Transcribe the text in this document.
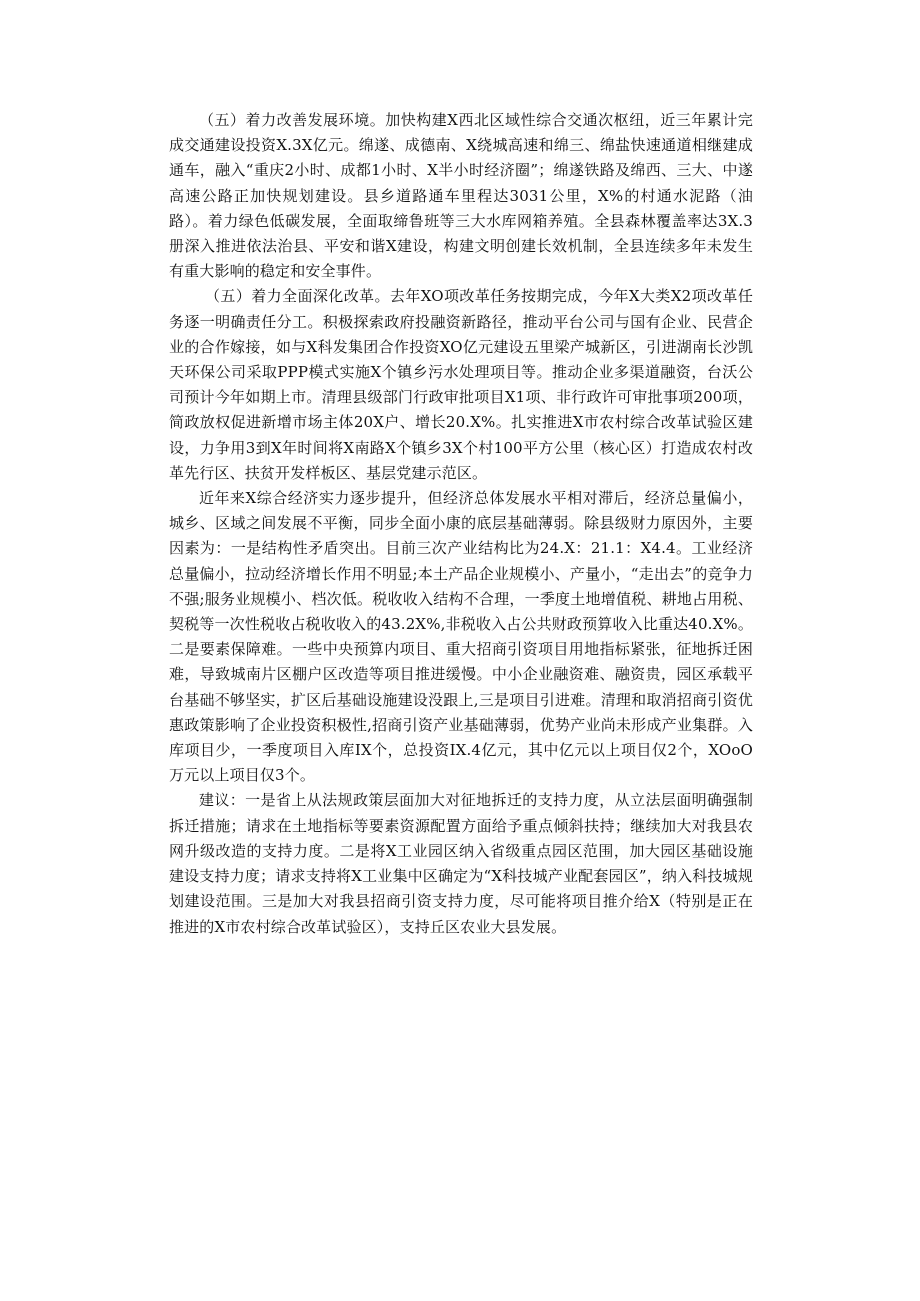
（五）着力改善发展环境。加快构建X西北区域性综合交通次枢纽，近三年累计完成交通建设投资X.3X亿元。绵遂、成德南、X绕城高速和绵三、绵盐快速通道相继建成通车，融入“重庆2小时、成都1小时、X半小时经济圈”；绵遂铁路及绵西、三大、中遂高速公路正加快规划建设。县乡道路通车里程达3031公里，X%的村通水泥路（油路）。着力绿色低碳发展，全面取缔鲁班等三大水库网箱养殖。全县森林覆盖率达3X.3册深入推进依法治县、平安和谐X建设，构建文明创建长效机制，全县连续多年未发生有重大影响的稳定和安全事件。

（五）着力全面深化改革。去年XO项改革任务按期完成，今年X大类X2项改革任务逐一明确责任分工。积极探索政府投融资新路径，推动平台公司与国有企业、民营企业的合作嫁接，如与X科发集团合作投资XO亿元建设五里梁产城新区，引进湖南长沙凯天环保公司采取PPP模式实施X个镇乡污水处理项目等。推动企业多渠道融资，台沃公司预计今年如期上市。清理县级部门行政审批项目X1项、非行政许可审批事项200项，简政放权促进新增市场主体20X户、增长20.X%。扎实推进X市农村综合改革试验区建设，力争用3到X年时间将X南路X个镇乡3X个村100平方公里（核心区）打造成农村改革先行区、扶贫开发样板区、基层党建示范区。

近年来X综合经济实力逐步提升，但经济总体发展水平相对滞后，经济总量偏小，城乡、区域之间发展不平衡，同步全面小康的底层基础薄弱。除县级财力原因外，主要因素为：一是结构性矛盾突出。目前三次产业结构比为24.X：21.1：X4.4。工业经济总量偏小，拉动经济增长作用不明显;本土产品企业规模小、产量小，“走出去”的竞争力不强;服务业规模小、档次低。税收收入结构不合理，一季度土地增值税、耕地占用税、契税等一次性税收占税收收入的43.2X%,非税收入占公共财政预算收入比重达40.X%。二是要素保障难。一些中央预算内项目、重大招商引资项目用地指标紧张，征地拆迁困难，导致城南片区棚户区改造等项目推进缓慢。中小企业融资难、融资贵，园区承载平台基础不够坚实，扩区后基础设施建设没跟上,三是项目引进难。清理和取消招商引资优惠政策影响了企业投资积极性,招商引资产业基础薄弱，优势产业尚未形成产业集群。入库项目少，一季度项目入库IX个，总投资IX.4亿元，其中亿元以上项目仅2个，XOoO万元以上项目仅3个。

建议：一是省上从法规政策层面加大对征地拆迁的支持力度，从立法层面明确强制拆迁措施；请求在土地指标等要素资源配置方面给予重点倾斜扶持；继续加大对我县农网升级改造的支持力度。二是将X工业园区纳入省级重点园区范围，加大园区基础设施建设支持力度；请求支持将X工业集中区确定为“X科技城产业配套园区”，纳入科技城规划建设范围。三是加大对我县招商引资支持力度，尽可能将项目推介给X（特别是正在推进的X市农村综合改革试验区），支持丘区农业大县发展。
